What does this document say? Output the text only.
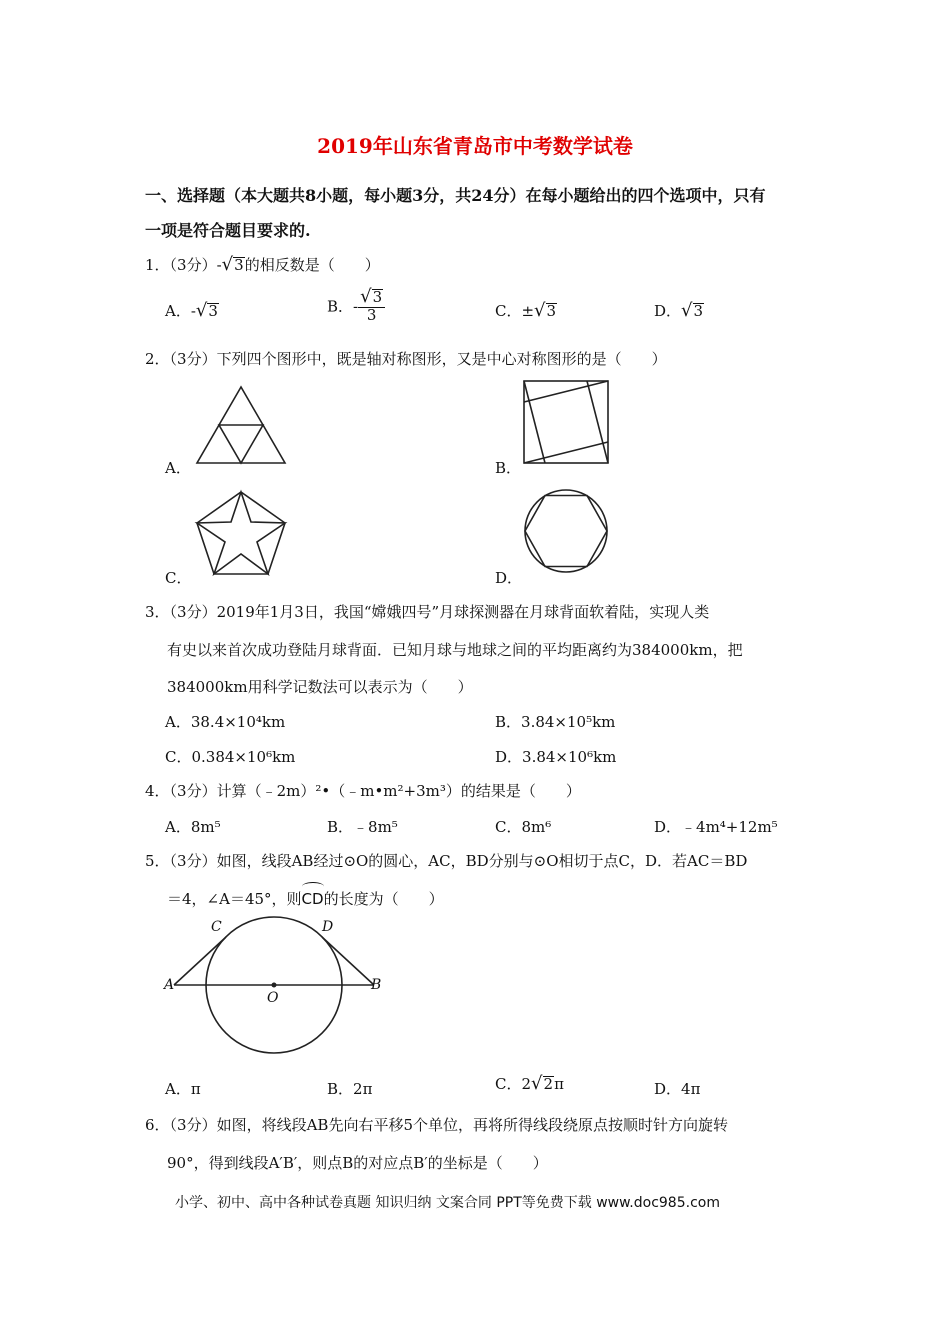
2019年山东省青岛市中考数学试卷
一、选择题（本大题共8小题，每小题3分，共24分）在每小题给出的四个选项中，只有
一项是符合题目要求的.
1．（3分）-√3的相反数是（　　）
A．-√3	B．- $\frac{√3}{3}$	C．±√3	D．√3
2．（3分）下列四个图形中，既是轴对称图形，又是中心对称图形的是（　　）
A．	B．
C．	D．
3．（3分）2019年1月3日，我国“嫦娥四号”月球探测器在月球背面软着陆，实现人类
有史以来首次成功登陆月球背面．已知月球与地球之间的平均距离约为384000km，把
384000km用科学记数法可以表示为（　　）
A．38.4×10⁴km	B．3.84×10⁵km
C．0.384×10⁶km	D．3.84×10⁶km
4．（3分）计算（﹣2m）²•（﹣m•m²+3m³）的结果是（　　）
A．8m⁵	B．﹣8m⁵	C．8m⁶	D．﹣4m⁴+12m⁵
5．（3分）如图，线段AB经过⊙O的圆心，AC，BD分别与⊙O相切于点C，D．若AC＝BD
＝4，∠A＝45°，则
CD的长度为（　　）
C	D
A
O
B
A．π	B．2π	C．2√2π	D．4π
6．（3分）如图，将线段AB先向右平移5个单位，再将所得线段绕原点按顺时针方向旋转
90°，得到线段A′B′，则点B的对应点B′的坐标是（　　）
小学、初中、高中各种试卷真题 知识归纳 文案合同 PPT等免费下载 www.doc985.com
